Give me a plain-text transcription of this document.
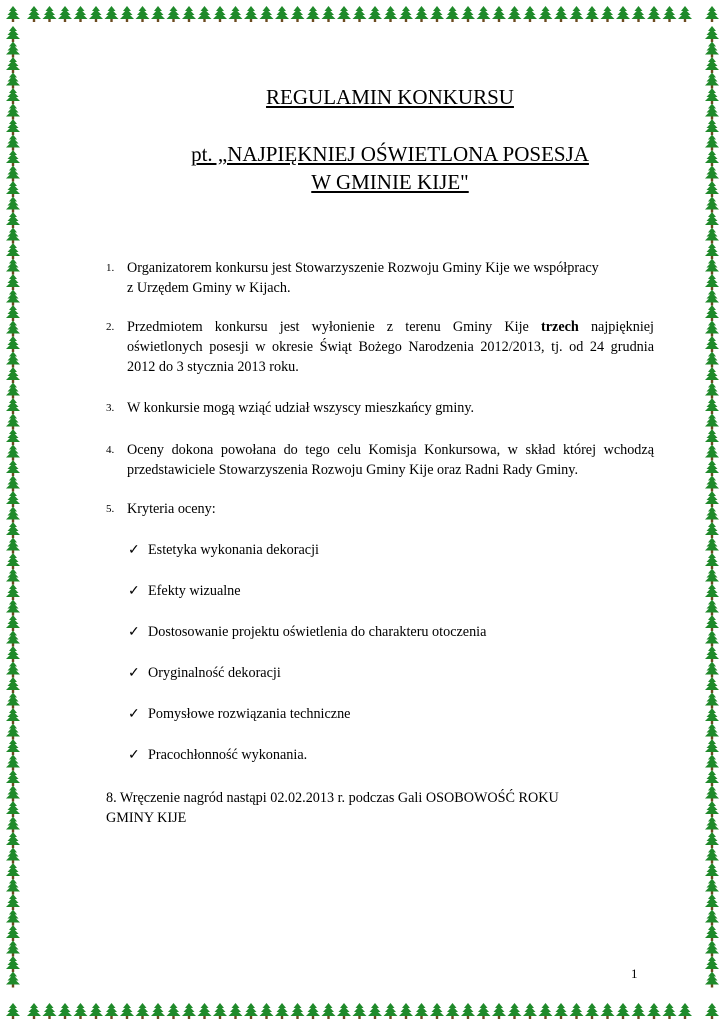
REGULAMIN KONKURSU
pt. „NAJPIĘKNIEJ OŚWIETLONA POSESJA
W GMINIE KIJE"
1. Organizatorem konkursu jest Stowarzyszenie Rozwoju Gminy Kije we współpracy
z Urzędem Gminy w Kijach.
2. Przedmiotem konkursu jest wyłonienie z terenu Gminy Kije trzech najpiękniej
oświetlonych posesji w okresie Świąt Bożego Narodzenia 2012/2013, tj. od 24 grudnia
2012 do 3 stycznia 2013 roku.
3. W konkursie mogą wziąć udział wszyscy mieszkańcy gminy.
4. Oceny dokona powołana do tego celu Komisja Konkursowa, w skład której wchodzą
przedstawiciele Stowarzyszenia Rozwoju Gminy Kije oraz Radni Rady Gminy.
5. Kryteria oceny:
✓ Estetyka wykonania dekoracji
✓ Efekty wizualne
✓ Dostosowanie projektu oświetlenia do charakteru otoczenia
✓ Oryginalność dekoracji
✓ Pomysłowe rozwiązania techniczne
✓ Pracochłonność wykonania.
8. Wręczenie nagród nastąpi 02.02.2013 r. podczas Gali OSOBOWOŚĆ ROKU
GMINY KIJE
1
